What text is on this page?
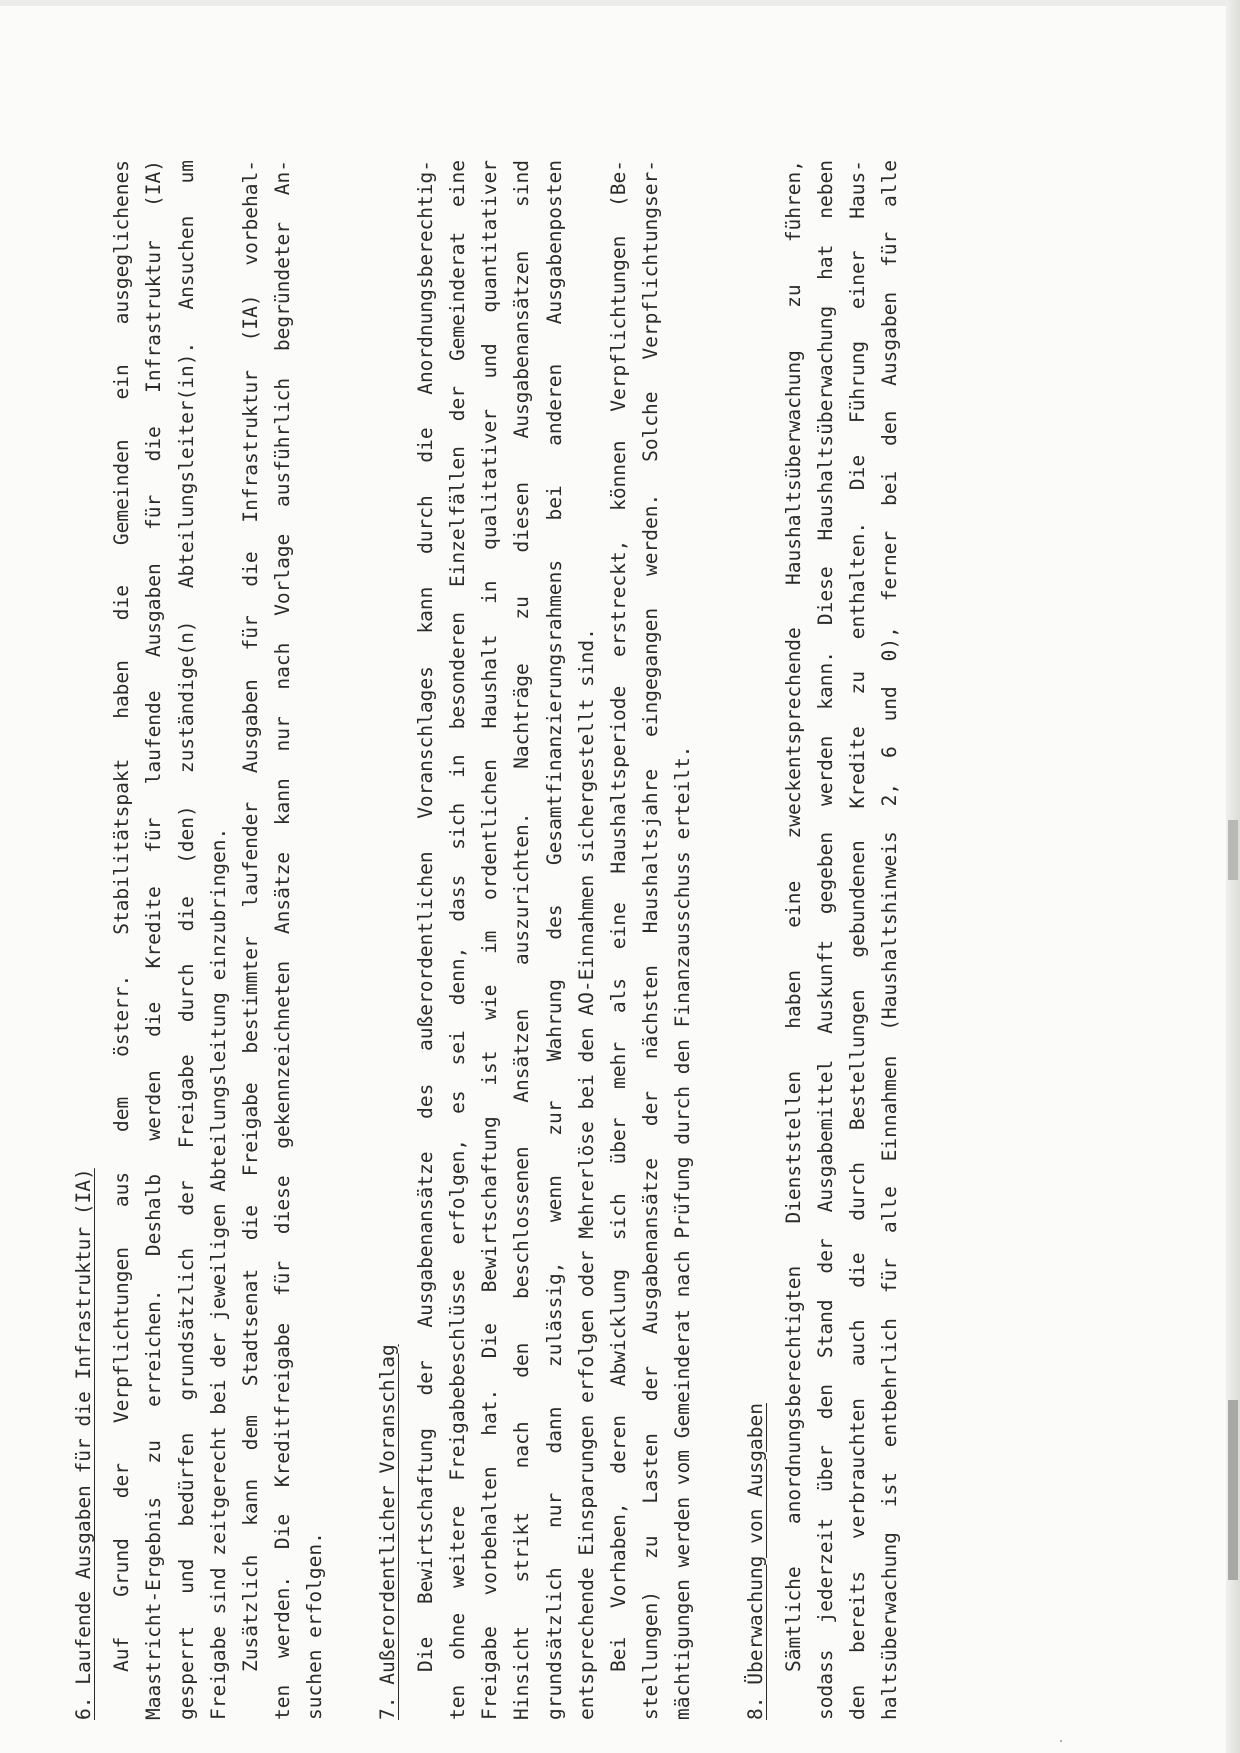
6. Laufende Ausgaben für die Infrastruktur (IA) Auf  Grund  der  Verpflichtungen  aus  dem  österr.  Stabilitätspakt  haben  die  Gemeinden  ein  ausgeglichenes Maastricht-Ergebnis zu erreichen. Deshalb werden die Kredite für laufende Ausgaben für die Infrastruktur (IA) gesperrt und bedürfen grundsätzlich der Freigabe durch die (den) zuständige(n) Abteilungsleiter(in). Ansuchen um Freigabe sind zeitgerecht bei der jeweiligen Abteilungsleitung einzubringen. Zusätzlich kann dem Stadtsenat die Freigabe bestimmter laufender Ausgaben für die Infrastruktur (IA) vorbehal- ten werden. Die Kreditfreigabe für diese gekennzeichneten Ansätze kann nur nach Vorlage ausführlich begründeter An- suchen erfolgen.	7. Außerordentlicher Voranschlag Die Bewirtschaftung der Ausgabenansätze des außerordentlichen Voranschlages kann durch die Anordnungsberechtig- ten ohne weitere Freigabebeschlüsse erfolgen, es sei denn, dass sich in besonderen Einzelfällen der Gemeinderat eine Freigabe vorbehalten hat. Die Bewirtschaftung ist wie im ordentlichen Haushalt in qualitativer und quantitativer Hinsicht strikt nach den beschlossenen Ansätzen auszurichten. Nachträge zu diesen Ausgabenansätzen sind grundsätzlich nur dann zulässig, wenn zur Wahrung des Gesamtfinanzierungsrahmens bei anderen Ausgabenposten entsprechende Einsparungen erfolgen oder Mehrerlöse bei den AO-Einnahmen sichergestellt sind. Bei Vorhaben, deren Abwicklung sich über mehr als eine Haushaltsperiode erstreckt, können Verpflichtungen (Be- stellungen) zu Lasten der Ausgabenansätze der nächsten Haushaltsjahre eingegangen werden. Solche Verpflichtungser- mächtigungen werden vom Gemeinderat nach Prüfung durch den Finanzausschuss erteilt.	8. Überwachung von Ausgaben Sämtliche anordnungsberechtigten Dienststellen haben eine zweckentsprechende Haushaltsüberwachung zu führen, sodass jederzeit über den Stand der Ausgabemittel Auskunft gegeben werden kann. Diese Haushaltsüberwachung hat neben den bereits verbrauchten auch die durch Bestellungen gebundenen Kredite zu enthalten. Die Führung einer Haus- haltsüberwachung ist entbehrlich für alle Einnahmen (Haushaltshinweis 2, 6 und 0), ferner bei den Ausgaben für alle
